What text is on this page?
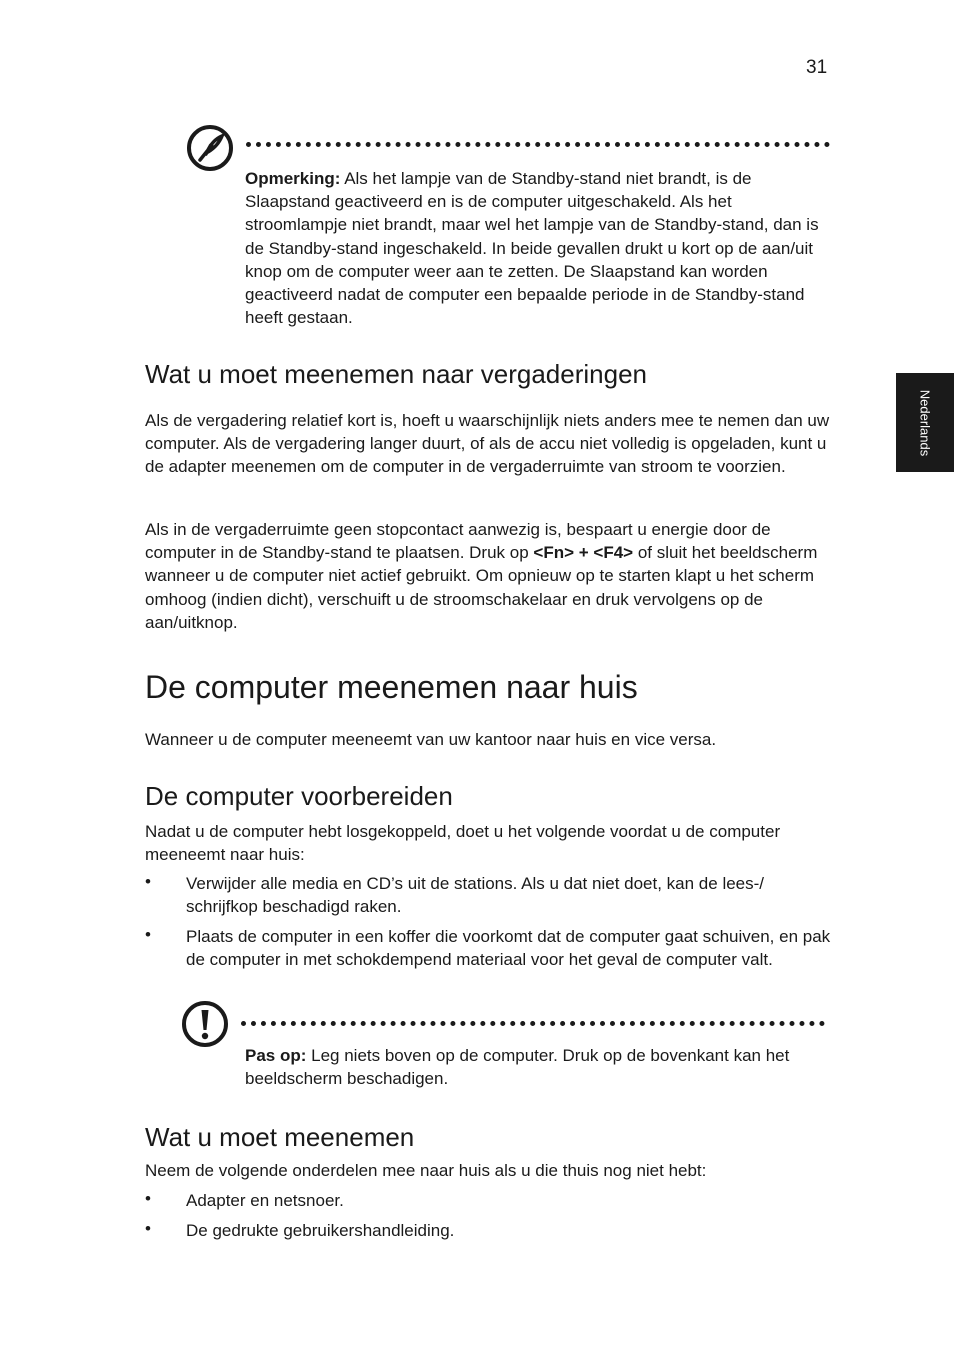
31
Nederlands
Opmerking: Als het lampje van de Standby-stand niet brandt, is de Slaapstand geactiveerd en is de computer uitgeschakeld. Als het stroomlampje niet brandt, maar wel het lampje van de Standby-stand, dan is de Standby-stand ingeschakeld. In beide gevallen drukt u kort op de aan/uit knop om de computer weer aan te zetten. De Slaapstand kan worden geactiveerd nadat de computer een bepaalde periode in de Standby-stand heeft gestaan.
Wat u moet meenemen naar vergaderingen
Als de vergadering relatief kort is, hoeft u waarschijnlijk niets anders mee te nemen dan uw computer. Als de vergadering langer duurt, of als de accu niet volledig is opgeladen, kunt u de adapter meenemen om de computer in de vergaderruimte van stroom te voorzien.
Als in de vergaderruimte geen stopcontact aanwezig is, bespaart u energie door de computer in de Standby-stand te plaatsen. Druk op <Fn> + <F4> of sluit het beeldscherm wanneer u de computer niet actief gebruikt. Om opnieuw op te starten klapt u het scherm omhoog (indien dicht), verschuift u de stroomschakelaar en druk vervolgens op de aan/uitknop.
De computer meenemen naar huis
Wanneer u de computer meeneemt van uw kantoor naar huis en vice versa.
De computer voorbereiden
Nadat u de computer hebt losgekoppeld, doet u het volgende voordat u de computer meeneemt naar huis:
• Verwijder alle media en CD’s uit de stations. Als u dat niet doet, kan de lees-/ schrijfkop beschadigd raken.
• Plaats de computer in een koffer die voorkomt dat de computer gaat schuiven, en pak de computer in met schokdempend materiaal voor het geval de computer valt.
Pas op: Leg niets boven op de computer. Druk op de bovenkant kan het beeldscherm beschadigen.
Wat u moet meenemen
Neem de volgende onderdelen mee naar huis als u die thuis nog niet hebt:
• Adapter en netsnoer.
• De gedrukte gebruikershandleiding.
